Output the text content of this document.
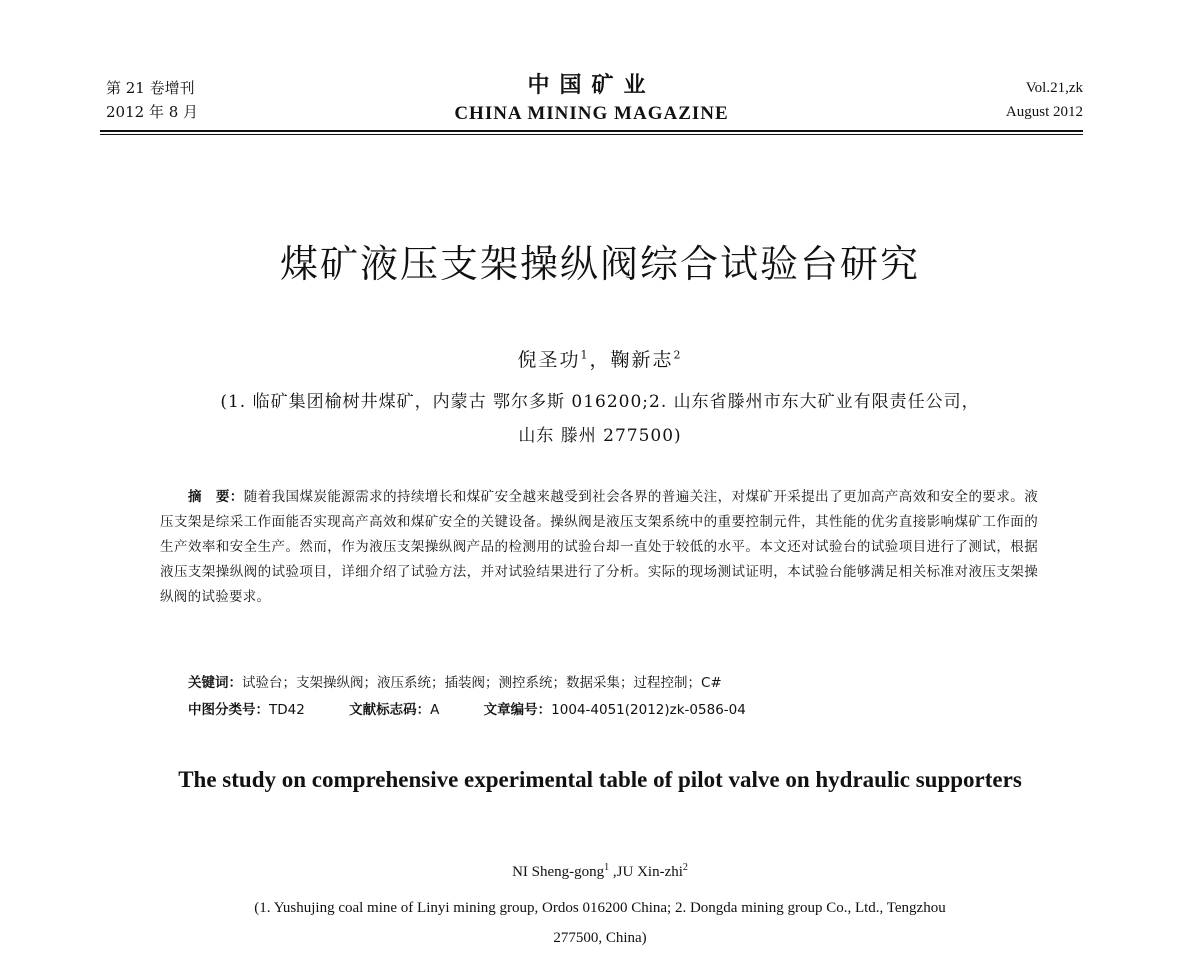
第 21 卷增刊
2012 年 8 月
中国矿业
CHINA MINING MAGAZINE
Vol.21,zk
August 2012
煤矿液压支架操纵阀综合试验台研究
倪圣功$^1$，鞠新志$^2$
(1. 临矿集团榆树井煤矿，内蒙古 鄂尔多斯 016200;2. 山东省滕州市东大矿业有限责任公司，
山东 滕州 277500)
摘　要：随着我国煤炭能源需求的持续增长和煤矿安全越来越受到社会各界的普遍关注，对煤矿开采提出了更加高产高效和安全的要求。液压支架是综采工作面能否实现高产高效和煤矿安全的关键设备。操纵阀是液压支架系统中的重要控制元件，其性能的优劣直接影响煤矿工作面的生产效率和安全生产。然而，作为液压支架操纵阀产品的检测用的试验台却一直处于较低的水平。本文还对试验台的试验项目进行了测试，根据液压支架操纵阀的试验项目，详细介绍了试验方法，并对试验结果进行了分析。实际的现场测试证明，本试验台能够满足相关标准对液压支架操纵阀的试验要求。
关键词：试验台；支架操纵阀；液压系统；插装阀；测控系统；数据采集；过程控制；C#
中图分类号：TD42	文献标志码：A	文章编号：1004-4051(2012)zk-0586-04
The study on comprehensive experimental table of pilot valve on hydraulic supporters
NI Sheng-gong$^1$ ,JU Xin-zhi$^2$
(1. Yushujing coal mine of Linyi mining group, Ordos 016200 China; 2. Dongda mining group Co., Ltd., Tengzhou
277500, China)
